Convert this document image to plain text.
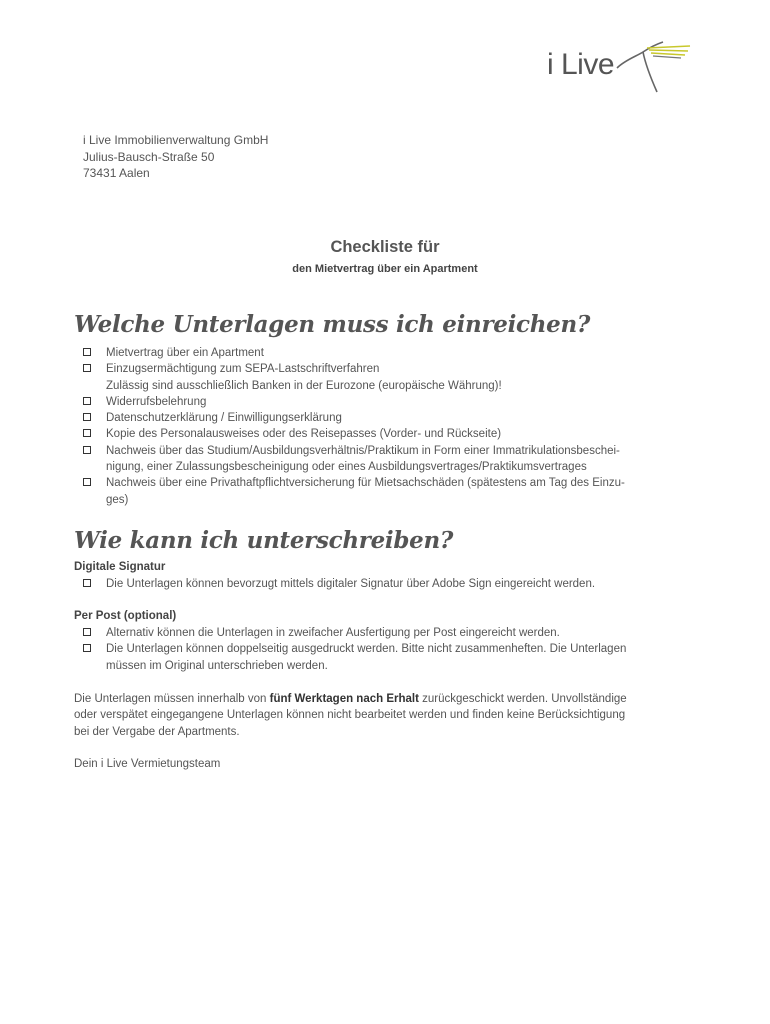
i Live
i Live Immobilienverwaltung GmbH
Julius-Bausch-Straße 50
73431 Aalen
Checkliste für
den Mietvertrag über ein Apartment
Welche Unterlagen muss ich einreichen?
Mietvertrag über ein Apartment
Einzugsermächtigung zum SEPA-Lastschriftverfahren
Zulässig sind ausschließlich Banken in der Eurozone (europäische Währung)!
Widerrufsbelehrung
Datenschutzerklärung / Einwilligungserklärung
Kopie des Personalausweises oder des Reisepasses (Vorder- und Rückseite)
Nachweis über das Studium/Ausbildungsverhältnis/Praktikum in Form einer Immatrikulationsbeschei-
nigung, einer Zulassungsbescheinigung oder eines Ausbildungsvertrages/Praktikumsvertrages
Nachweis über eine Privathaftpflichtversicherung für Mietsachschäden (spätestens am Tag des Einzu-
ges)
Wie kann ich unterschreiben?
Digitale Signatur
Die Unterlagen können bevorzugt mittels digitaler Signatur über Adobe Sign eingereicht werden.
Per Post (optional)
Alternativ können die Unterlagen in zweifacher Ausfertigung per Post eingereicht werden.
Die Unterlagen können doppelseitig ausgedruckt werden. Bitte nicht zusammenheften. Die Unterlagen
müssen im Original unterschrieben werden.
Die Unterlagen müssen innerhalb von fünf Werktagen nach Erhalt zurückgeschickt werden. Unvollständige
oder verspätet eingegangene Unterlagen können nicht bearbeitet werden und finden keine Berücksichtigung
bei der Vergabe der Apartments.
Dein i Live Vermietungsteam
